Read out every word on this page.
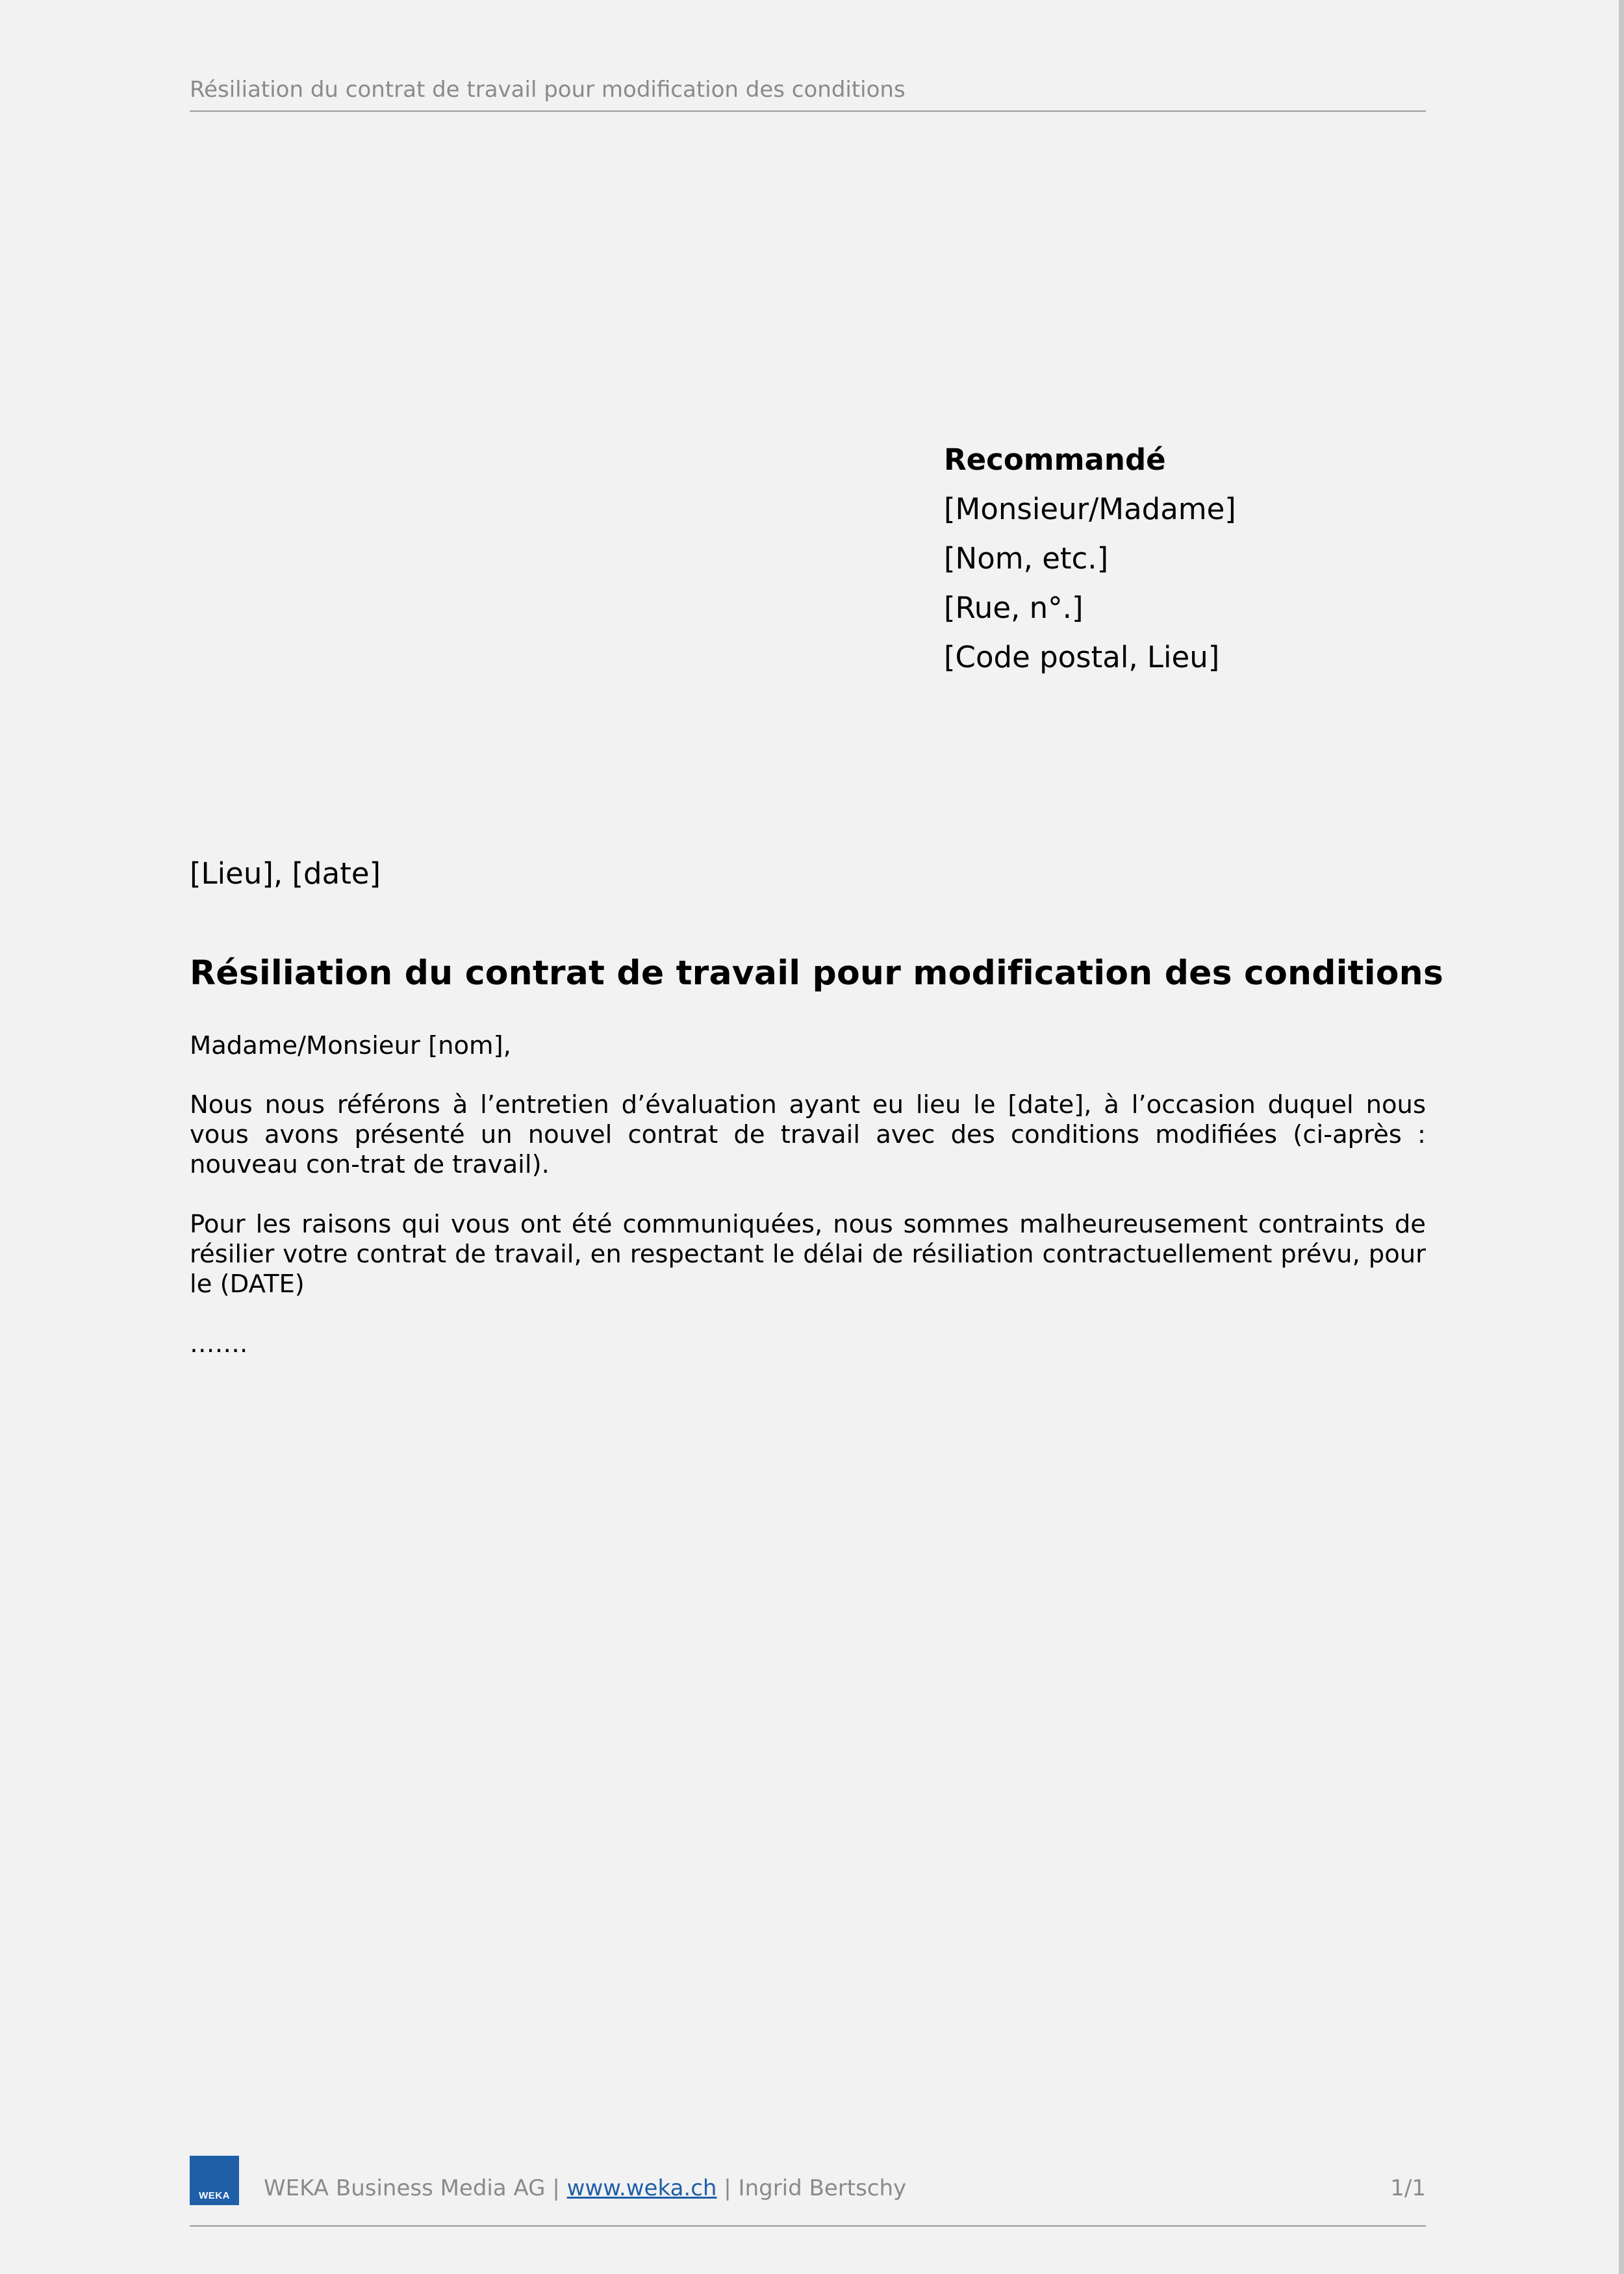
Résiliation du contrat de travail pour modification des conditions
Recommandé
[Monsieur/Madame]
[Nom, etc.]
[Rue, n°.]
[Code postal, Lieu]
[Lieu], [date]
Résiliation du contrat de travail pour modification des conditions

Madame/Monsieur [nom],

Nous nous référons à l’entretien d’évaluation ayant eu lieu le [date], à l’occasion duquel nous vous avons présenté un nouvel contrat de travail avec des conditions modifiées (ci-après : nouveau con-trat de travail).

Pour les raisons qui vous ont été communiquées, nous sommes malheureusement contraints de résilier votre contrat de travail, en respectant le délai de résiliation contractuellement prévu, pour le (DATE)

…….

WEKA	WEKA Business Media AG | www.weka.ch | Ingrid Bertschy	1/1
